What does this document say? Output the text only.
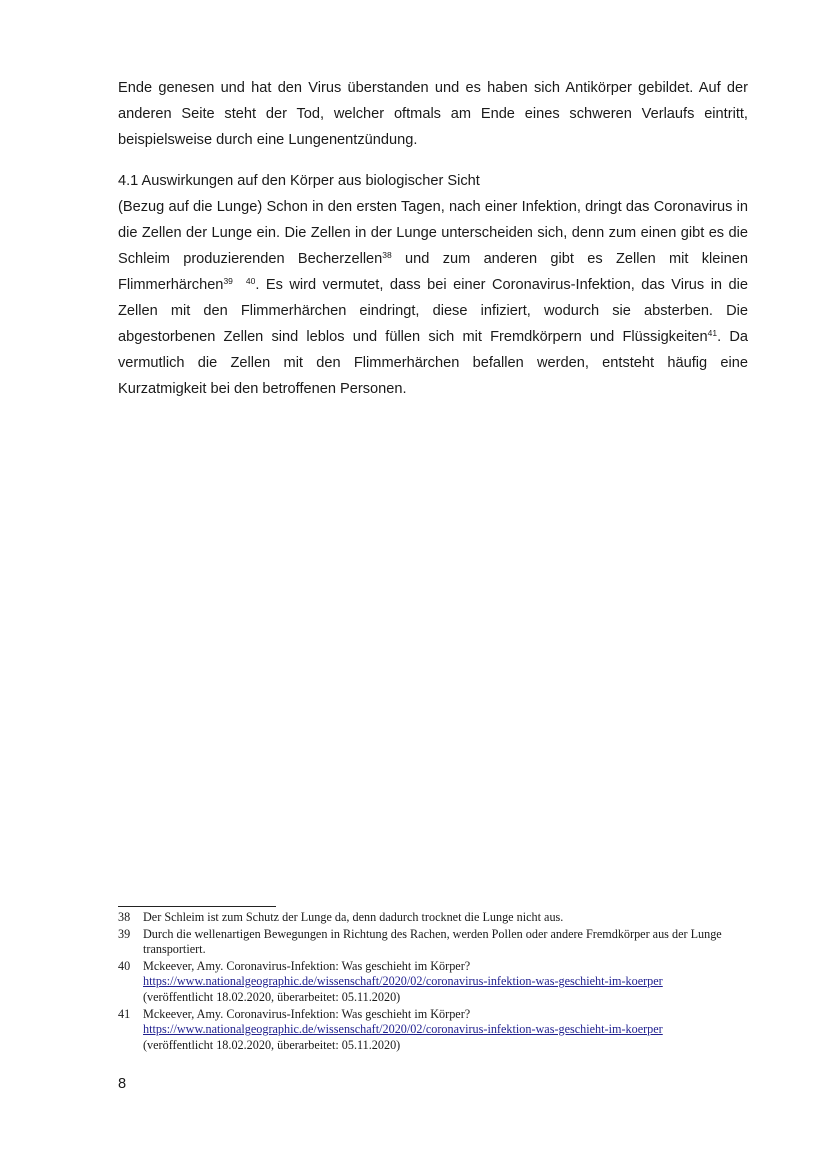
Ende genesen und hat den Virus überstanden und es haben sich Antikörper gebildet. Auf der anderen Seite steht der Tod, welcher oftmals am Ende eines schweren Verlaufs eintritt, beispielsweise durch eine Lungenentzündung.

4.1 Auswirkungen auf den Körper aus biologischer Sicht

(Bezug auf die Lunge) Schon in den ersten Tagen, nach einer Infektion, dringt das Coronavirus in die Zellen der Lunge ein. Die Zellen in der Lunge unterscheiden sich, denn zum einen gibt es die Schleim produzierenden Becherzellen$^{38}$ und zum anderen gibt es Zellen mit kleinen Flimmerhärchen$^{39}$ $^{40}$. Es wird vermutet, dass bei einer Coronavirus-Infektion, das Virus in die Zellen mit den Flimmerhärchen eindringt, diese infiziert, wodurch sie absterben. Die abgestorbenen Zellen sind leblos und füllen sich mit Fremdkörpern und Flüssigkeiten$^{41}$. Da vermutlich die Zellen mit den Flimmerhärchen befallen werden, entsteht häufig eine Kurzatmigkeit bei den betroffenen Personen.

38	Der Schleim ist zum Schutz der Lunge da, denn dadurch trocknet die Lunge nicht aus.
39	Durch die wellenartigen Bewegungen in Richtung des Rachen, werden Pollen oder andere Fremdkörper aus der Lunge transportiert.
40	Mckeever, Amy. Coronavirus-Infektion: Was geschieht im Körper?
https://www.nationalgeographic.de/wissenschaft/2020/02/coronavirus-infektion-was-geschieht-im-koerper
(veröffentlicht 18.02.2020, überarbeitet: 05.11.2020)
41	Mckeever, Amy. Coronavirus-Infektion: Was geschieht im Körper?
https://www.nationalgeographic.de/wissenschaft/2020/02/coronavirus-infektion-was-geschieht-im-koerper
(veröffentlicht 18.02.2020, überarbeitet: 05.11.2020)
8
